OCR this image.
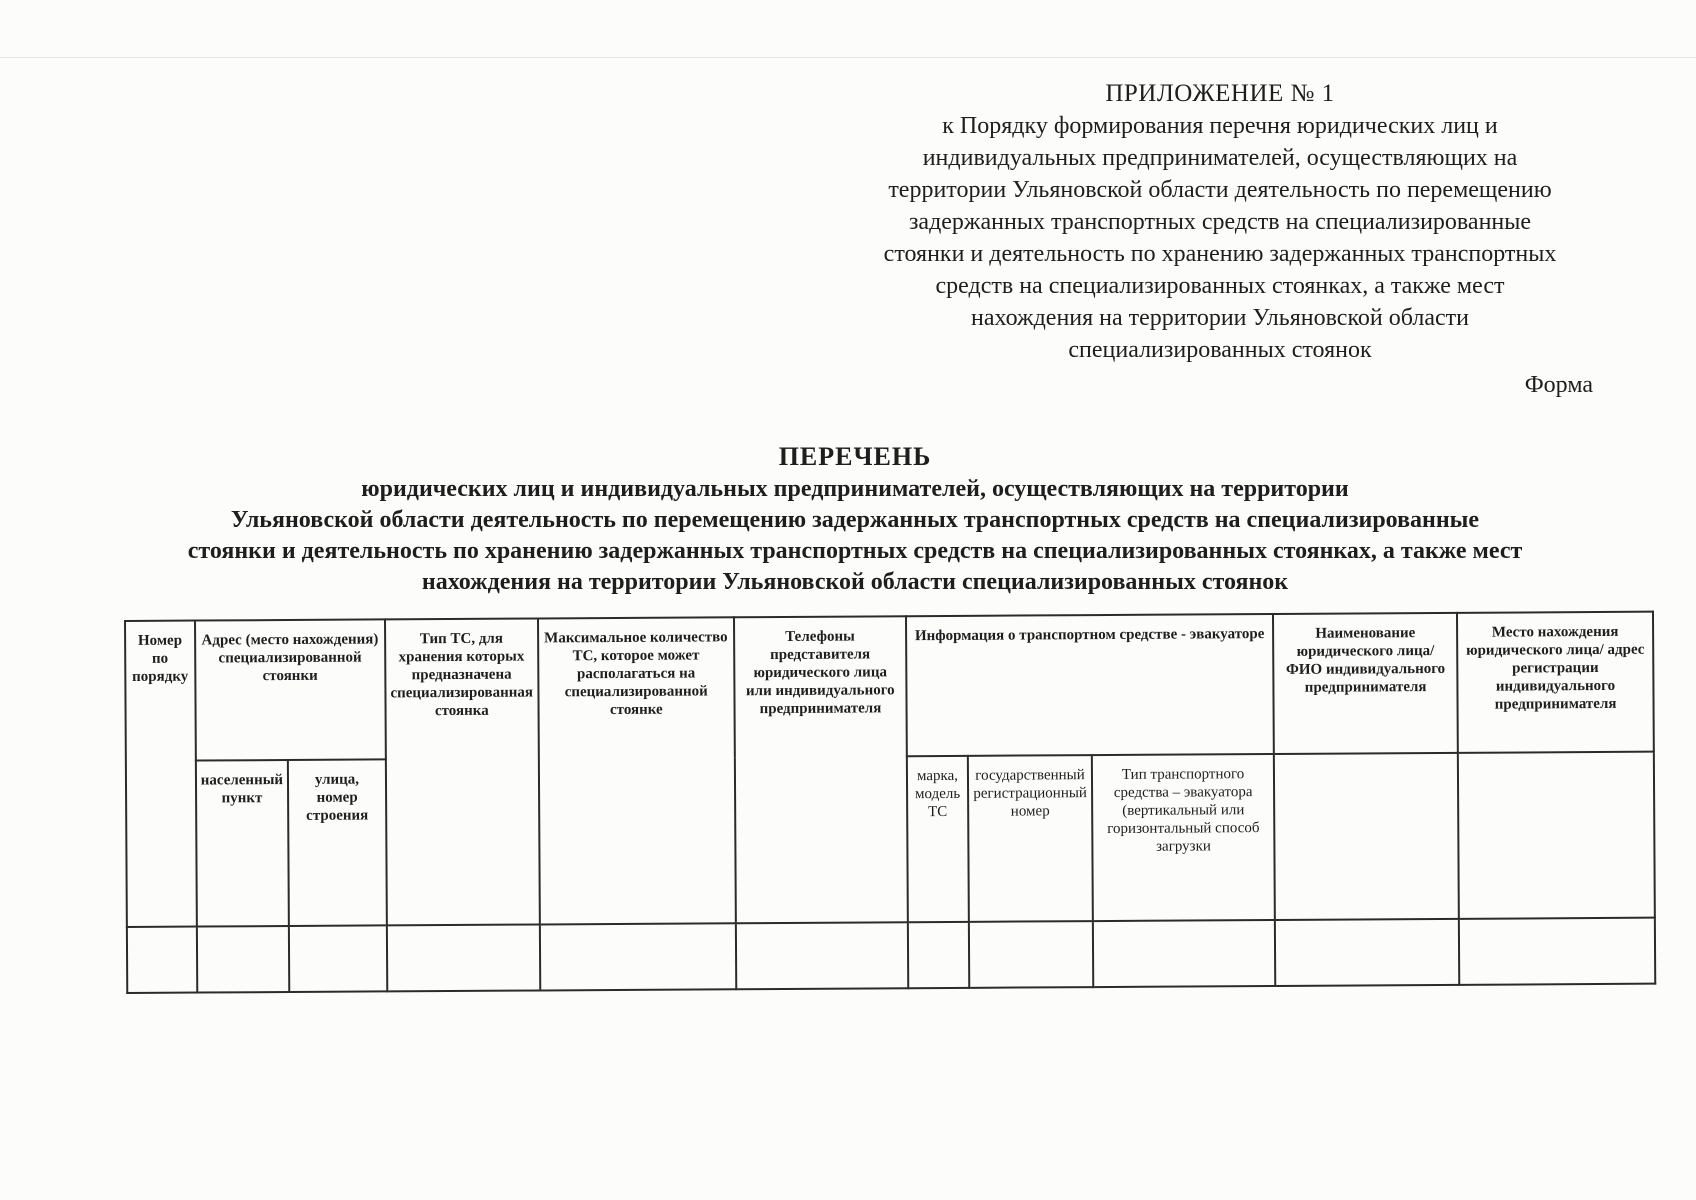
ПРИЛОЖЕНИЕ № 1
к Порядку формирования перечня юридических лиц и
индивидуальных предпринимателей, осуществляющих на
территории Ульяновской области деятельность по перемещению
задержанных транспортных средств на специализированные
стоянки и деятельность по хранению задержанных транспортных
средств на специализированных стоянках, а также мест
нахождения на территории Ульяновской области
специализированных стоянок
Форма
ПЕРЕЧЕНЬ
юридических лиц и индивидуальных предпринимателей, осуществляющих на территории
Ульяновской области деятельность по перемещению задержанных транспортных средств на специализированные
стоянки и деятельность по хранению задержанных транспортных средств на специализированных стоянках, а также мест
нахождения на территории Ульяновской области специализированных стоянок
Номер по порядку	Адрес (место нахождения) специализированной стоянки		Тип ТС, для хранения которых предназначена специализированная стоянка	Максимальное количество ТС, которое может располагаться на специализированной стоянке	Телефоны представителя юридического лица или индивидуального предпринимателя	Информация о транспортном средстве - эвакуаторе			Наименование юридического лица/ ФИО индивидуального предпринимателя	Место нахождения юридического лица/ адрес регистрации индивидуального предпринимателя
	населенный пункт	улица, номер строения				марка, модель ТС	государственный регистрационный номер	Тип транспортного средства – эвакуатора (вертикальный или горизонтальный способ загрузки		
